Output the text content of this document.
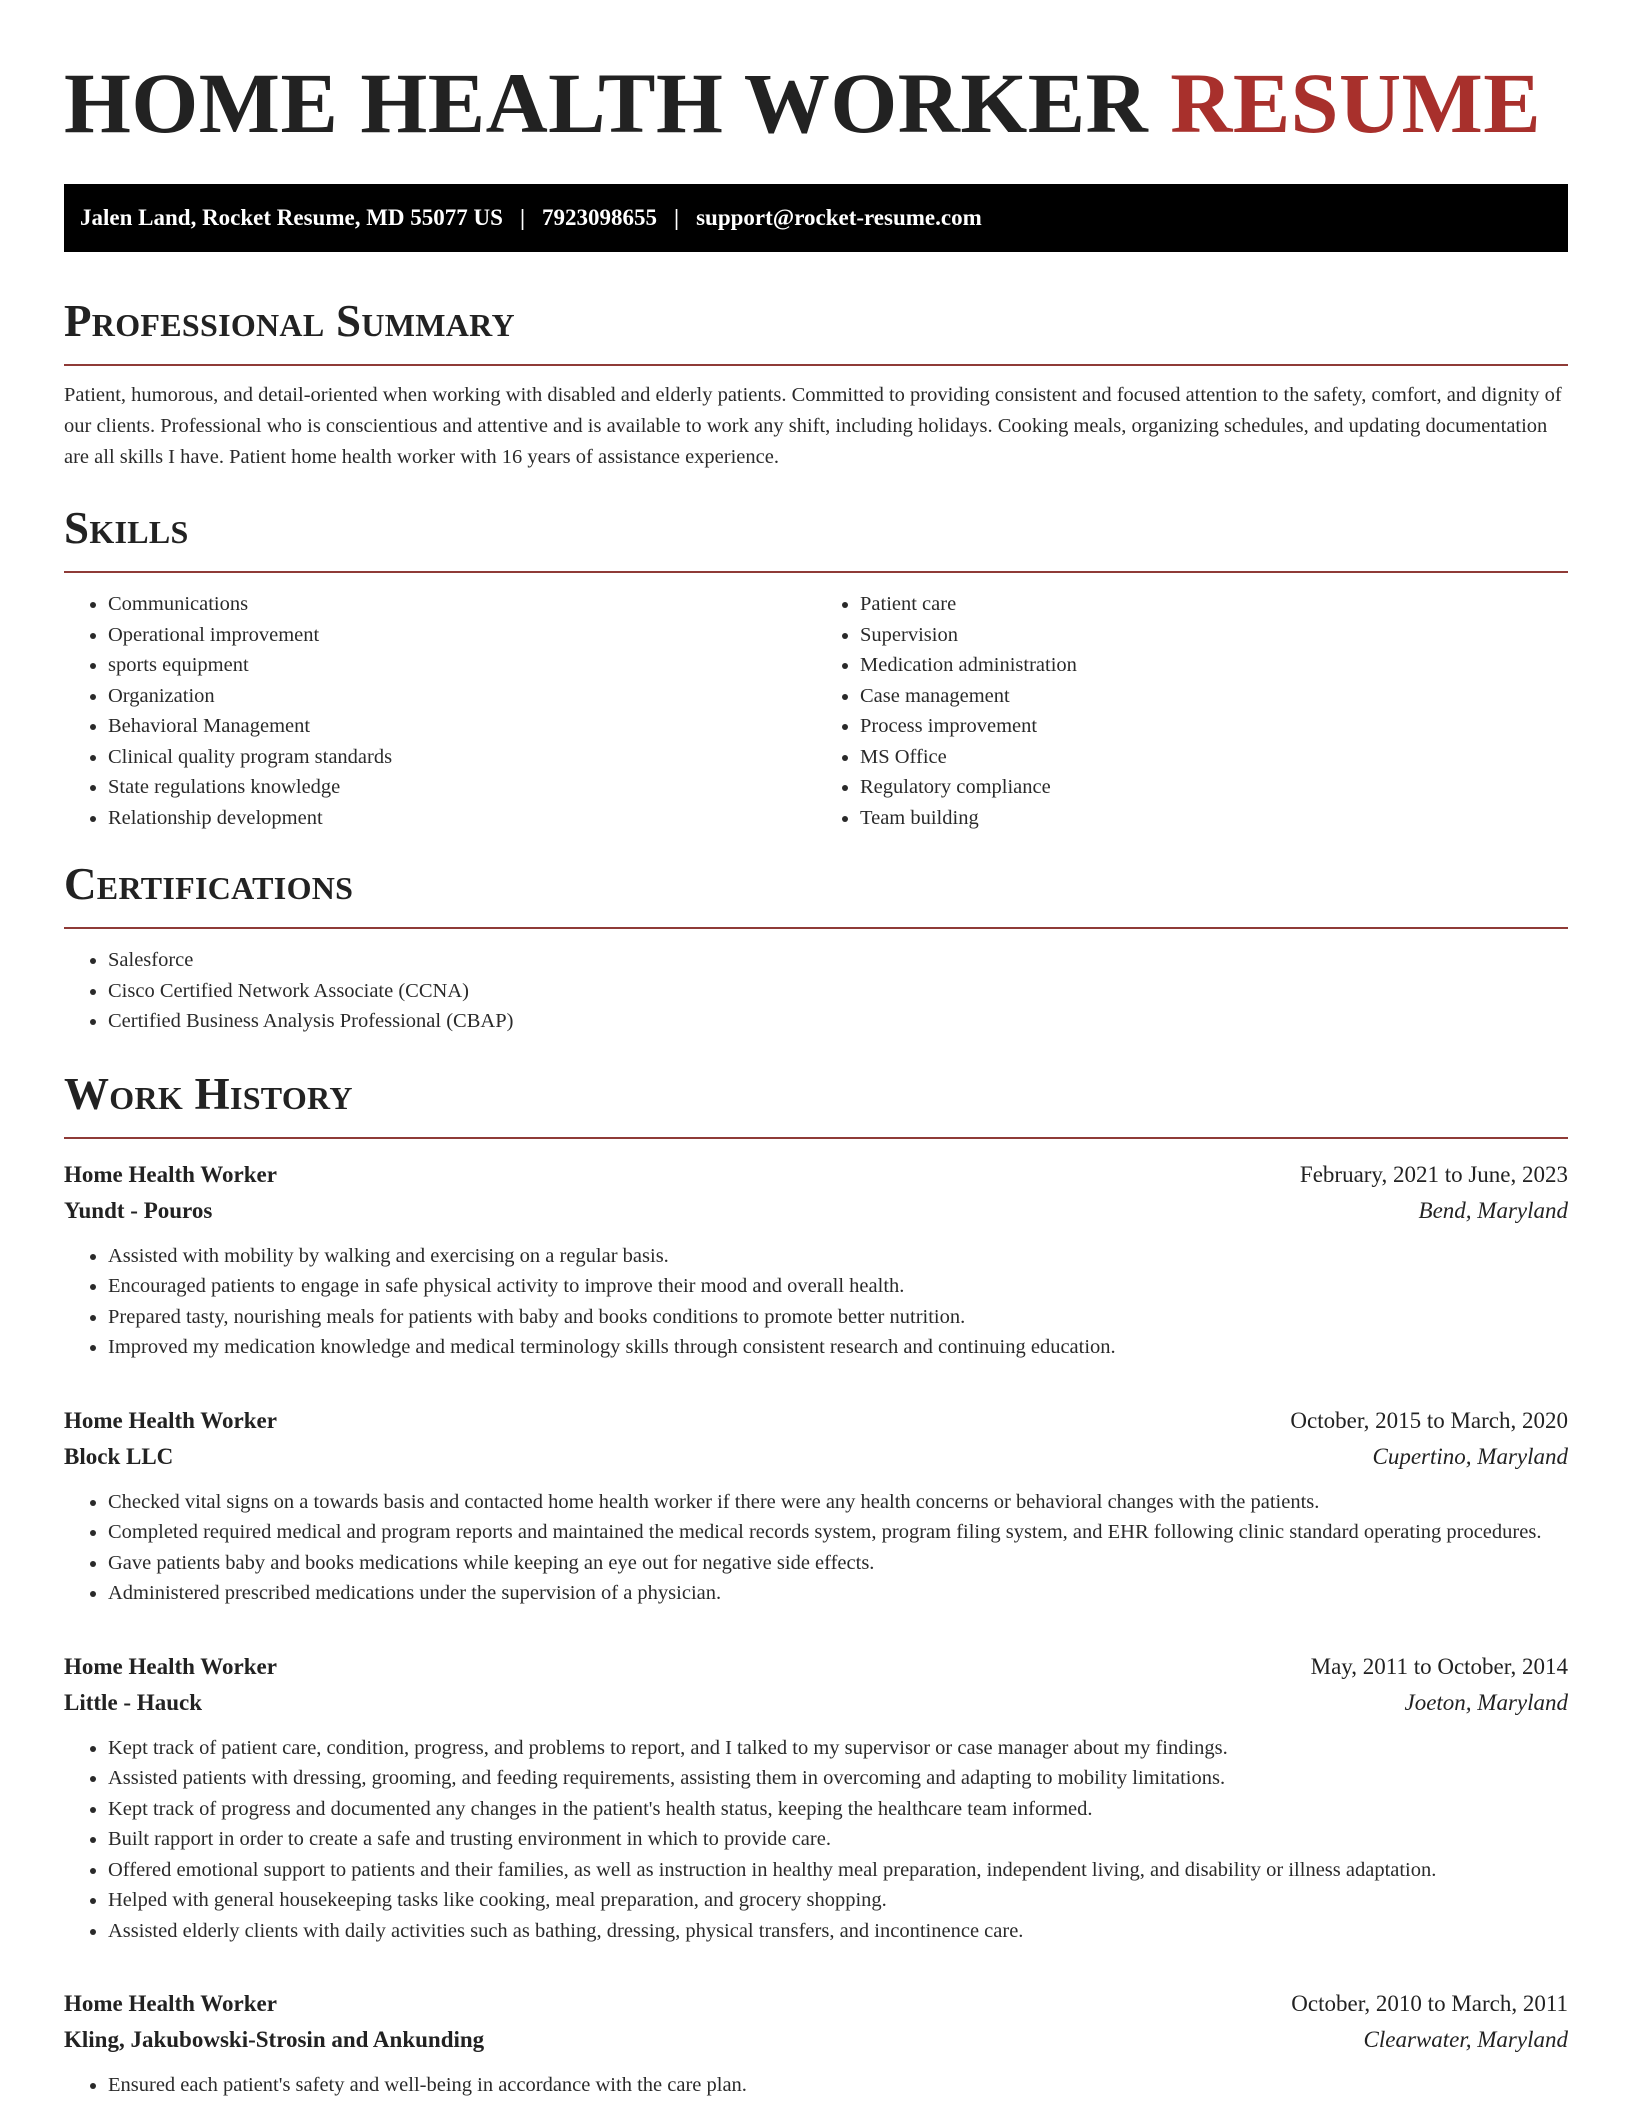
HOME HEALTH WORKER RESUME
Jalen Land, Rocket Resume, MD 55077 US | 7923098655 | support@rocket-resume.com
Professional Summary

Patient, humorous, and detail-oriented when working with disabled and elderly patients. Committed to providing consistent and focused attention to the safety, comfort, and dignity of our clients. Professional who is conscientious and attentive and is available to work any shift, including holidays. Cooking meals, organizing schedules, and updating documentation are all skills I have. Patient home health worker with 16 years of assistance experience.

Skills
• Communications
• Operational improvement
• sports equipment
• Organization
• Behavioral Management
• Clinical quality program standards
• State regulations knowledge
• Relationship development
• Patient care
• Supervision
• Medication administration
• Case management
• Process improvement
• MS Office
• Regulatory compliance
• Team building
Certifications
• Salesforce
• Cisco Certified Network Associate (CCNA)
• Certified Business Analysis Professional (CBAP)
Work History
Home Health Worker	February, 2021 to June, 2023
Yundt - Pouros	Bend, Maryland
• Assisted with mobility by walking and exercising on a regular basis.
• Encouraged patients to engage in safe physical activity to improve their mood and overall health.
• Prepared tasty, nourishing meals for patients with baby and books conditions to promote better nutrition.
• Improved my medication knowledge and medical terminology skills through consistent research and continuing education.
Home Health Worker	October, 2015 to March, 2020
Block LLC	Cupertino, Maryland
• Checked vital signs on a towards basis and contacted home health worker if there were any health concerns or behavioral changes with the patients.
• Completed required medical and program reports and maintained the medical records system, program filing system, and EHR following clinic standard operating procedures.
• Gave patients baby and books medications while keeping an eye out for negative side effects.
• Administered prescribed medications under the supervision of a physician.
Home Health Worker	May, 2011 to October, 2014
Little - Hauck	Joeton, Maryland
• Kept track of patient care, condition, progress, and problems to report, and I talked to my supervisor or case manager about my findings.
• Assisted patients with dressing, grooming, and feeding requirements, assisting them in overcoming and adapting to mobility limitations.
• Kept track of progress and documented any changes in the patient's health status, keeping the healthcare team informed.
• Built rapport in order to create a safe and trusting environment in which to provide care.
• Offered emotional support to patients and their families, as well as instruction in healthy meal preparation, independent living, and disability or illness adaptation.
• Helped with general housekeeping tasks like cooking, meal preparation, and grocery shopping.
• Assisted elderly clients with daily activities such as bathing, dressing, physical transfers, and incontinence care.
Home Health Worker	October, 2010 to March, 2011
Kling, Jakubowski-Strosin and Ankunding	Clearwater, Maryland
• Ensured each patient's safety and well-being in accordance with the care plan.
